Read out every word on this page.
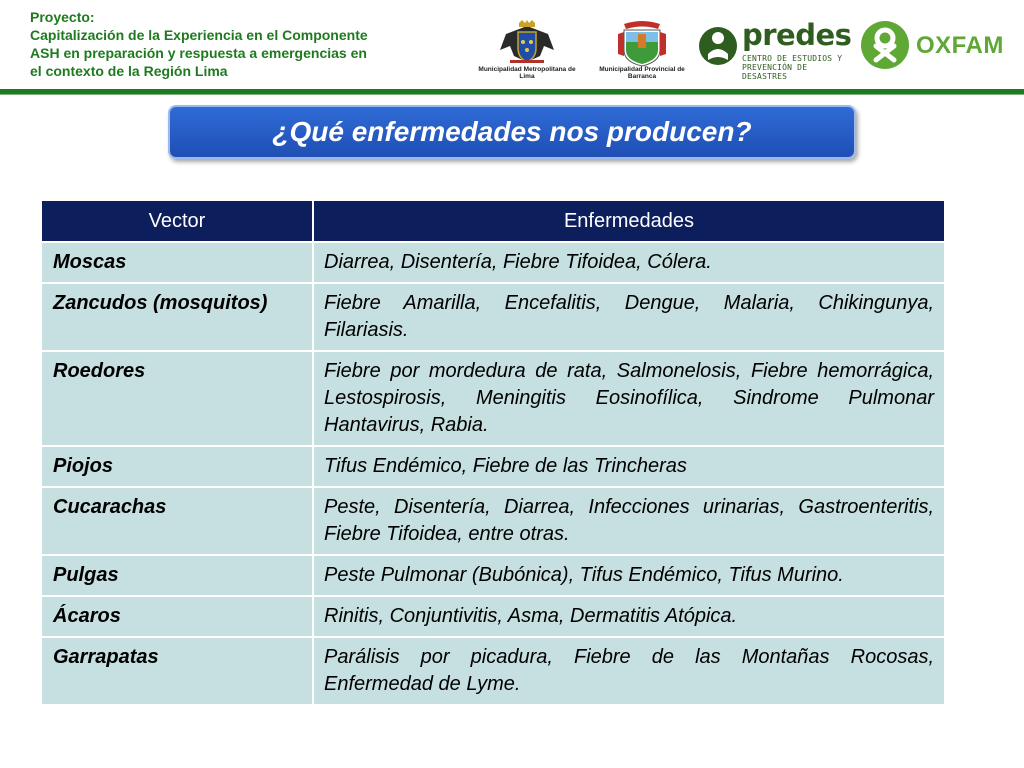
Proyecto:
Capitalización de la Experiencia en el Componente
ASH en preparación y respuesta a emergencias en
el contexto de la Región Lima	Municipalidad Metropolitana de Lima
Municipalidad Provincial de Barranca
predes
CENTRO DE ESTUDIOS Y
PREVENCIÓN DE DESASTRES
OXFAM
¿Qué enfermedades nos producen?
Vector	Enfermedades
Moscas	Diarrea, Disentería, Fiebre Tifoidea, Cólera.
Zancudos (mosquitos)	Fiebre Amarilla, Encefalitis, Dengue, Malaria, Chikingunya, Filariasis.
Roedores	Fiebre por mordedura de rata, Salmonelosis, Fiebre hemorrágica, Lestospirosis, Meningitis Eosinofílica, Sindrome Pulmonar Hantavirus, Rabia.
Piojos	Tifus Endémico, Fiebre de las Trincheras
Cucarachas	Peste, Disentería, Diarrea, Infecciones urinarias, Gastroenteritis, Fiebre Tifoidea, entre otras.
Pulgas	Peste Pulmonar (Bubónica), Tifus Endémico, Tifus Murino.
Ácaros	Rinitis, Conjuntivitis, Asma, Dermatitis Atópica.
Garrapatas	Parálisis por picadura, Fiebre de las Montañas Rocosas, Enfermedad de Lyme.
